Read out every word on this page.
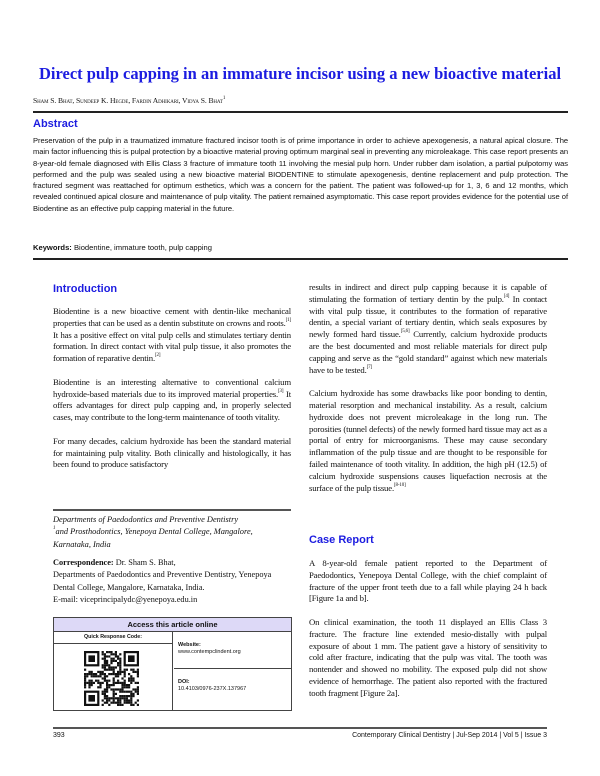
Direct pulp capping in an immature incisor using a new bioactive material
Sham S. Bhat, Sundeep K. Hegde, Fardin Adhikari, Vidya S. Bhat$^1$
Abstract
Preservation of the pulp in a traumatized immature fractured incisor tooth is of prime importance in order to achieve apexogenesis, a natural apical closure. The main factor influencing this is pulpal protection by a bioactive material proving optimum marginal seal in preventing any microleakage. This case report presents an 8-year-old female diagnosed with Ellis Class 3 fracture of immature tooth 11 involving the mesial pulp horn. Under rubber dam isolation, a partial pulpotomy was performed and the pulp was sealed using a new bioactive material BIODENTINE to stimulate apexogenesis, dentine replacement and pulp protection. The fractured segment was reattached for optimum esthetics, which was a concern for the patient. The patient was followed-up for 1, 3, 6 and 12 months, which revealed continued apical closure and maintenance of pulp vitality. The patient remained asymptomatic. This case report provides evidence for the potential use of Biodentine as an effective pulp capping material in the future.
Keywords: Biodentine, immature tooth, pulp capping
Introduction

Biodentine is a new bioactive cement with dentin-like mechanical properties that can be used as a dentin substitute on crowns and roots.[1] It has a positive effect on vital pulp cells and stimulates tertiary dentin formation. In direct contact with vital pulp tissue, it also promotes the formation of reparative dentin.[2]

Biodentine is an interesting alternative to conventional calcium hydroxide-based materials due to its improved material properties.[3] It offers advantages for direct pulp capping and, in properly selected cases, may contribute to the long-term maintenance of tooth vitality.

For many decades, calcium hydroxide has been the standard material for maintaining pulp vitality. Both clinically and histologically, it has been found to produce satisfactory

Departments of Paedodontics and Preventive Dentistry
$^1$and Prosthodontics, Yenepoya Dental College, Mangalore,
Karnataka, India
Correspondence: Dr. Sham S. Bhat,
Departments of Paedodontics and Preventive Dentistry, Yenepoya Dental College, Mangalore, Karnataka, India.
E-mail: viceprincipalydc@yenepoya.edu.in
Access this article online
Quick Response Code:
Website:
www.contempclindent.org
DOI:
10.4103/0976-237X.137967

results in indirect and direct pulp capping because it is capable of stimulating the formation of tertiary dentin by the pulp.[4] In contact with vital pulp tissue, it contributes to the formation of reparative dentin, a special variant of tertiary dentin, which seals exposures by newly formed hard tissue.[5,6] Currently, calcium hydroxide products are the best documented and most reliable materials for direct pulp capping and serve as the “gold standard” against which new materials have to be tested.[7]

Calcium hydroxide has some drawbacks like poor bonding to dentin, material resorption and mechanical instability. As a result, calcium hydroxide does not prevent microleakage in the long run. The porosities (tunnel defects) of the newly formed hard tissue may act as a portal of entry for microorganisms. These may cause secondary inflammation of the pulp tissue and are thought to be responsible for failed maintenance of tooth vitality. In addition, the high pH (12.5) of calcium hydroxide suspensions causes liquefaction necrosis at the surface of the pulp tissue.[8-10]

Case Report

A 8-year-old female patient reported to the Department of Paedodontics, Yenepoya Dental College, with the chief complaint of fracture of the upper front teeth due to a fall while playing 24 h back [Figure 1a and b].

On clinical examination, the tooth 11 displayed an Ellis Class 3 fracture. The fracture line extended mesio-distally with pulpal exposure of about 1 mm. The patient gave a history of sensitivity to cold after fracture, indicating that the pulp was vital. The tooth was nontender and showed no mobility. The exposed pulp did not show evidence of hemorrhage. The patient also reported with the fractured tooth fragment [Figure 2a].

393	Contemporary Clinical Dentistry | Jul-Sep 2014 | Vol 5 | Issue 3
